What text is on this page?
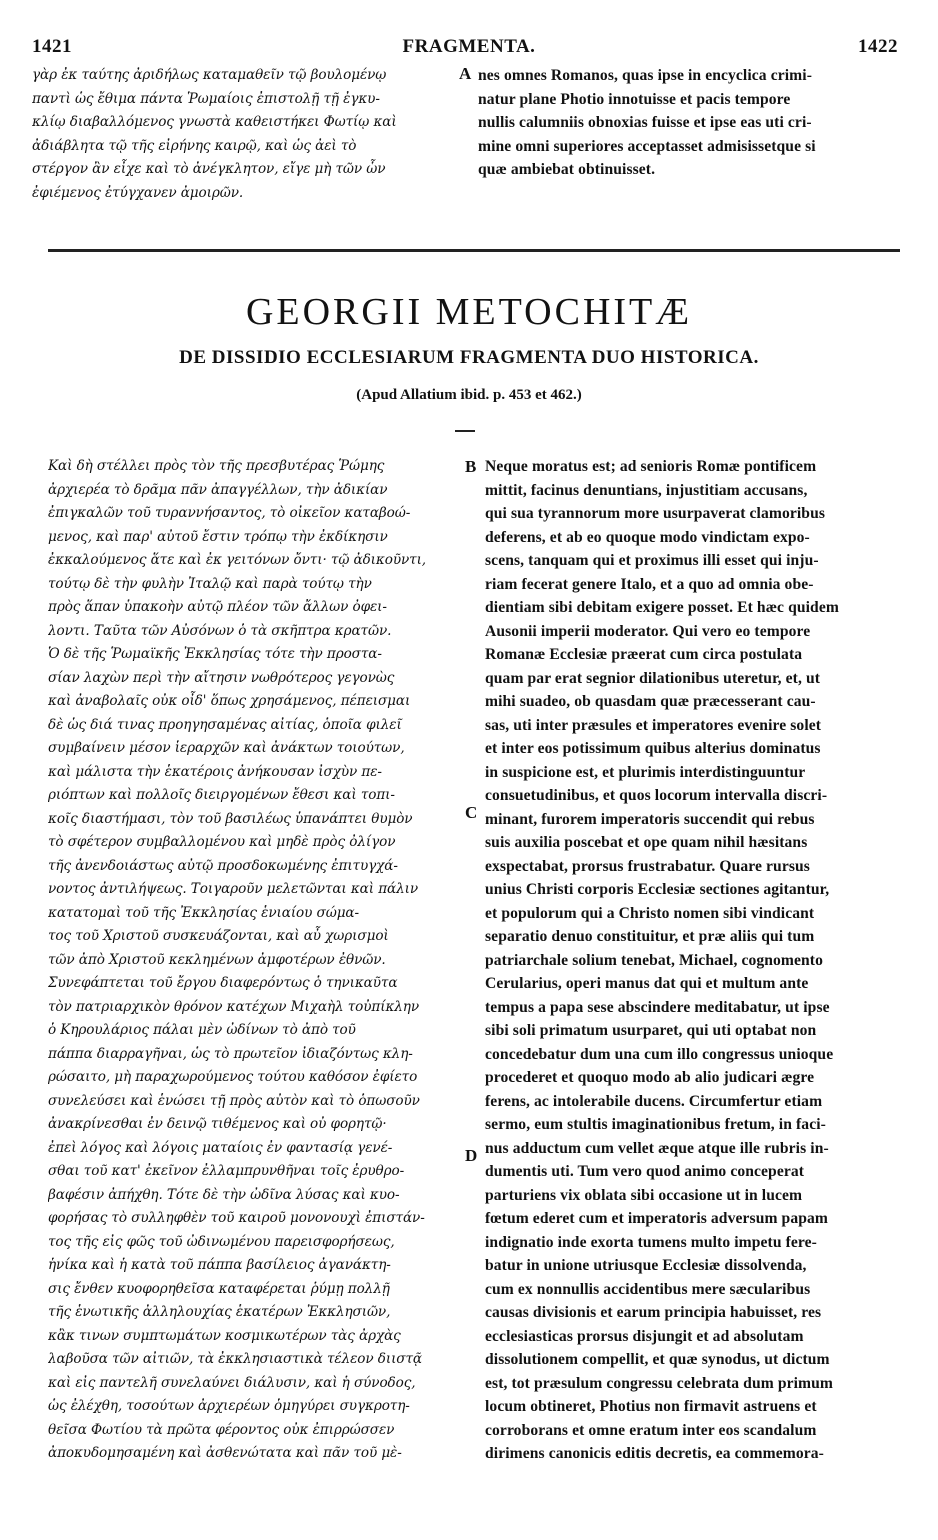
1421	FRAGMENTA.	1422
γὰρ ἐκ ταύτης ἀριδήλως καταμαθεῖν τῷ βουλομένῳ
παντὶ ὡς ἔθιμα πάντα Ῥωμαίοις ἐπιστολῇ τῇ ἐγκυ-
κλίῳ διαβαλλόμενος γνωστὰ καθειστήκει Φωτίῳ καὶ
ἀδιάβλητα τῷ τῆς εἰρήνης καιρῷ, καὶ ὡς ἀεὶ τὸ
στέργον ἂν εἶχε καὶ τὸ ἀνέγκλητον, εἴγε μὴ τῶν ὧν
ἐφιέμενος ἐτύγχανεν ἀμοιρῶν.
A nes omnes Romanos, quas ipse in encyclica crimi-
natur plane Photio innotuisse et pacis tempore
nullis calumniis obnoxias fuisse et ipse eas uti cri-
mine omni superiores acceptasset admisissetque si
quæ ambiebat obtinuisset.
GEORGII METOCHITÆ
DE DISSIDIO ECCLESIARUM FRAGMENTA DUO HISTORICA.
(Apud Allatium ibid. p. 453 et 462.)
Καὶ δὴ στέλλει πρὸς τὸν τῆς πρεσβυτέρας Ῥώμης
ἀρχιερέα τὸ δρᾶμα πᾶν ἀπαγγέλλων, τὴν ἀδικίαν
ἐπιγκαλῶν τοῦ τυραννήσαντος, τὸ οἰκεῖον καταβοώ-
μενος, καὶ παρ' αὐτοῦ ἔστιν τρόπῳ τὴν ἐκδίκησιν
ἐκκαλούμενος ἅτε καὶ ἐκ γειτόνων ὄντι· τῷ ἀδικοῦντι,
τούτῳ δὲ τὴν φυλὴν Ἰταλῷ καὶ παρὰ τούτῳ τὴν
πρὸς ἅπαν ὑπακοὴν αὐτῷ πλέον τῶν ἄλλων ὀφει-
λοντι. Ταῦτα τῶν Αὐσόνων ὁ τὰ σκῆπτρα κρατῶν.
Ὁ δὲ τῆς Ῥωμαϊκῆς Ἐκκλησίας τότε τὴν προστα-
σίαν λαχὼν περὶ τὴν αἴτησιν νωθρότερος γεγονὼς
καὶ ἀναβολαῖς οὐκ οἶδ' ὅπως χρησάμενος, πέπεισμαι
δὲ ὡς διά τινας προηγησαμένας αἰτίας, ὁποῖα φιλεῖ
συμβαίνειν μέσον ἱεραρχῶν καὶ ἀνάκτων τοιούτων,
καὶ μάλιστα τὴν ἑκατέροις ἀνήκουσαν ἰσχὺν πε-
ριόπτων καὶ πολλοῖς διειργομένων ἔθεσι καὶ τοπι-
κοῖς διαστήμασι, τὸν τοῦ βασιλέως ὑπανάπτει θυμὸν
τὸ σφέτερον συμβαλλομένου καὶ μηδὲ πρὸς ὀλίγον
τῆς ἀνενδοιάστως αὐτῷ προσδοκωμένης ἐπιτυγχά-
νοντος ἀντιλήψεως. Τοιγαροῦν μελετῶνται καὶ πάλιν
κατατομαὶ τοῦ τῆς Ἐκκλησίας ἑνιαίου σώμα-
τος τοῦ Χριστοῦ συσκευάζονται, καὶ αὖ χωρισμοὶ
τῶν ἀπὸ Χριστοῦ κεκλημένων ἀμφοτέρων ἐθνῶν.
Συνεφάπτεται τοῦ ἔργου διαφερόντως ὁ τηνικαῦτα
τὸν πατριαρχικὸν θρόνον κατέχων Μιχαὴλ τοὐπίκλην
ὁ Κηρουλάριος πάλαι μὲν ὠδίνων τὸ ἀπὸ τοῦ
πάππα διαρραγῆναι, ὡς τὸ πρωτεῖον ἰδιαζόντως κλη-
ρώσαιτο, μὴ παραχωρούμενος τούτου καθόσον ἐφίετο
συνελεύσει καὶ ἑνώσει τῇ πρὸς αὐτὸν καὶ τὸ ὁπωσοῦν
ἀνακρίνεσθαι ἐν δεινῷ τιθέμενος καὶ οὐ φορητῷ·
ἐπεὶ λόγος καὶ λόγοις ματαίοις ἐν φαντασίᾳ γενέ-
σθαι τοῦ κατ' ἐκεῖνον ἐλλαμπρυνθῆναι τοῖς ἐρυθρο-
βαφέσιν ἀπήχθη. Τότε δὲ τὴν ὠδῖνα λύσας καὶ κυο-
φορήσας τὸ συλληφθὲν τοῦ καιροῦ μονονουχὶ ἐπιστάν-
τος τῆς εἰς φῶς τοῦ ὠδινωμένου παρεισφορήσεως,
ἡνίκα καὶ ἡ κατὰ τοῦ πάππα βασίλειος ἀγανάκτη-
σις ἔνθεν κυοφορηθεῖσα καταφέρεται ῥύμῃ πολλῇ
τῆς ἑνωτικῆς ἀλληλουχίας ἑκατέρων Ἐκκλησιῶν,
κἂκ τινων συμπτωμάτων κοσμικωτέρων τὰς ἀρχὰς
λαβοῦσα τῶν αἰτιῶν, τὰ ἐκκλησιαστικὰ τέλεον διιστᾷ
καὶ εἰς παντελῆ συνελαύνει διάλυσιν, καὶ ἡ σύνοδος,
ὡς ἐλέχθη, τοσούτων ἀρχιερέων ὁμηγύρει συγκροτη-
θεῖσα Φωτίου τὰ πρῶτα φέροντος οὐκ ἐπιρρώσσεν
ἀποκυδομησαμένη καὶ ἀσθενώτατα καὶ πᾶν τοῦ μὲ-
B
C
D
Neque moratus est; ad senioris Romæ pontificem
mittit, facinus denuntians, injustitiam accusans,
qui sua tyrannorum more usurpaverat clamoribus
deferens, et ab eo quoque modo vindictam expo-
scens, tanquam qui et proximus illi esset qui inju-
riam fecerat genere Italo, et a quo ad omnia obe-
dientiam sibi debitam exigere posset. Et hæc quidem
Ausonii imperii moderator. Qui vero eo tempore
Romanæ Ecclesiæ præerat cum circa postulata
quam par erat segnior dilationibus uteretur, et, ut
mihi suadeo, ob quasdam quæ præcesserant cau-
sas, uti inter præsules et imperatores evenire solet
et inter eos potissimum quibus alterius dominatus
in suspicione est, et plurimis interdistinguuntur
consuetudinibus, et quos locorum intervalla discri-
minant, furorem imperatoris succendit qui rebus
suis auxilia poscebat et ope quam nihil hæsitans
exspectabat, prorsus frustrabatur. Quare rursus
unius Christi corporis Ecclesiæ sectiones agitantur,
et populorum qui a Christo nomen sibi vindicant
separatio denuo constituitur, et præ aliis qui tum
patriarchale solium tenebat, Michael, cognomento
Cerularius, operi manus dat qui et multum ante
tempus a papa sese abscindere meditabatur, ut ipse
sibi soli primatum usurparet, qui uti optabat non
concedebatur dum una cum illo congressus unioque
procederet et quoquo modo ab alio judicari ægre
ferens, ac intolerabile ducens. Circumfertur etiam
sermo, eum stultis imaginationibus fretum, in faci-
nus adductum cum vellet æque atque ille rubris in-
dumentis uti. Tum vero quod animo conceperat
parturiens vix oblata sibi occasione ut in lucem
fœtum ederet cum et imperatoris adversum papam
indignatio inde exorta tumens multo impetu fere-
batur in unione utriusque Ecclesiæ dissolvenda,
cum ex nonnullis accidentibus mere sæcularibus
causas divisionis et earum principia habuisset, res
ecclesiasticas prorsus disjungit et ad absolutam
dissolutionem compellit, et quæ synodus, ut dictum
est, tot præsulum congressu celebrata dum primum
locum obtineret, Photius non firmavit astruens et
corroborans et omne eratum inter eos scandalum
dirimens canonicis editis decretis, ea commemora-
